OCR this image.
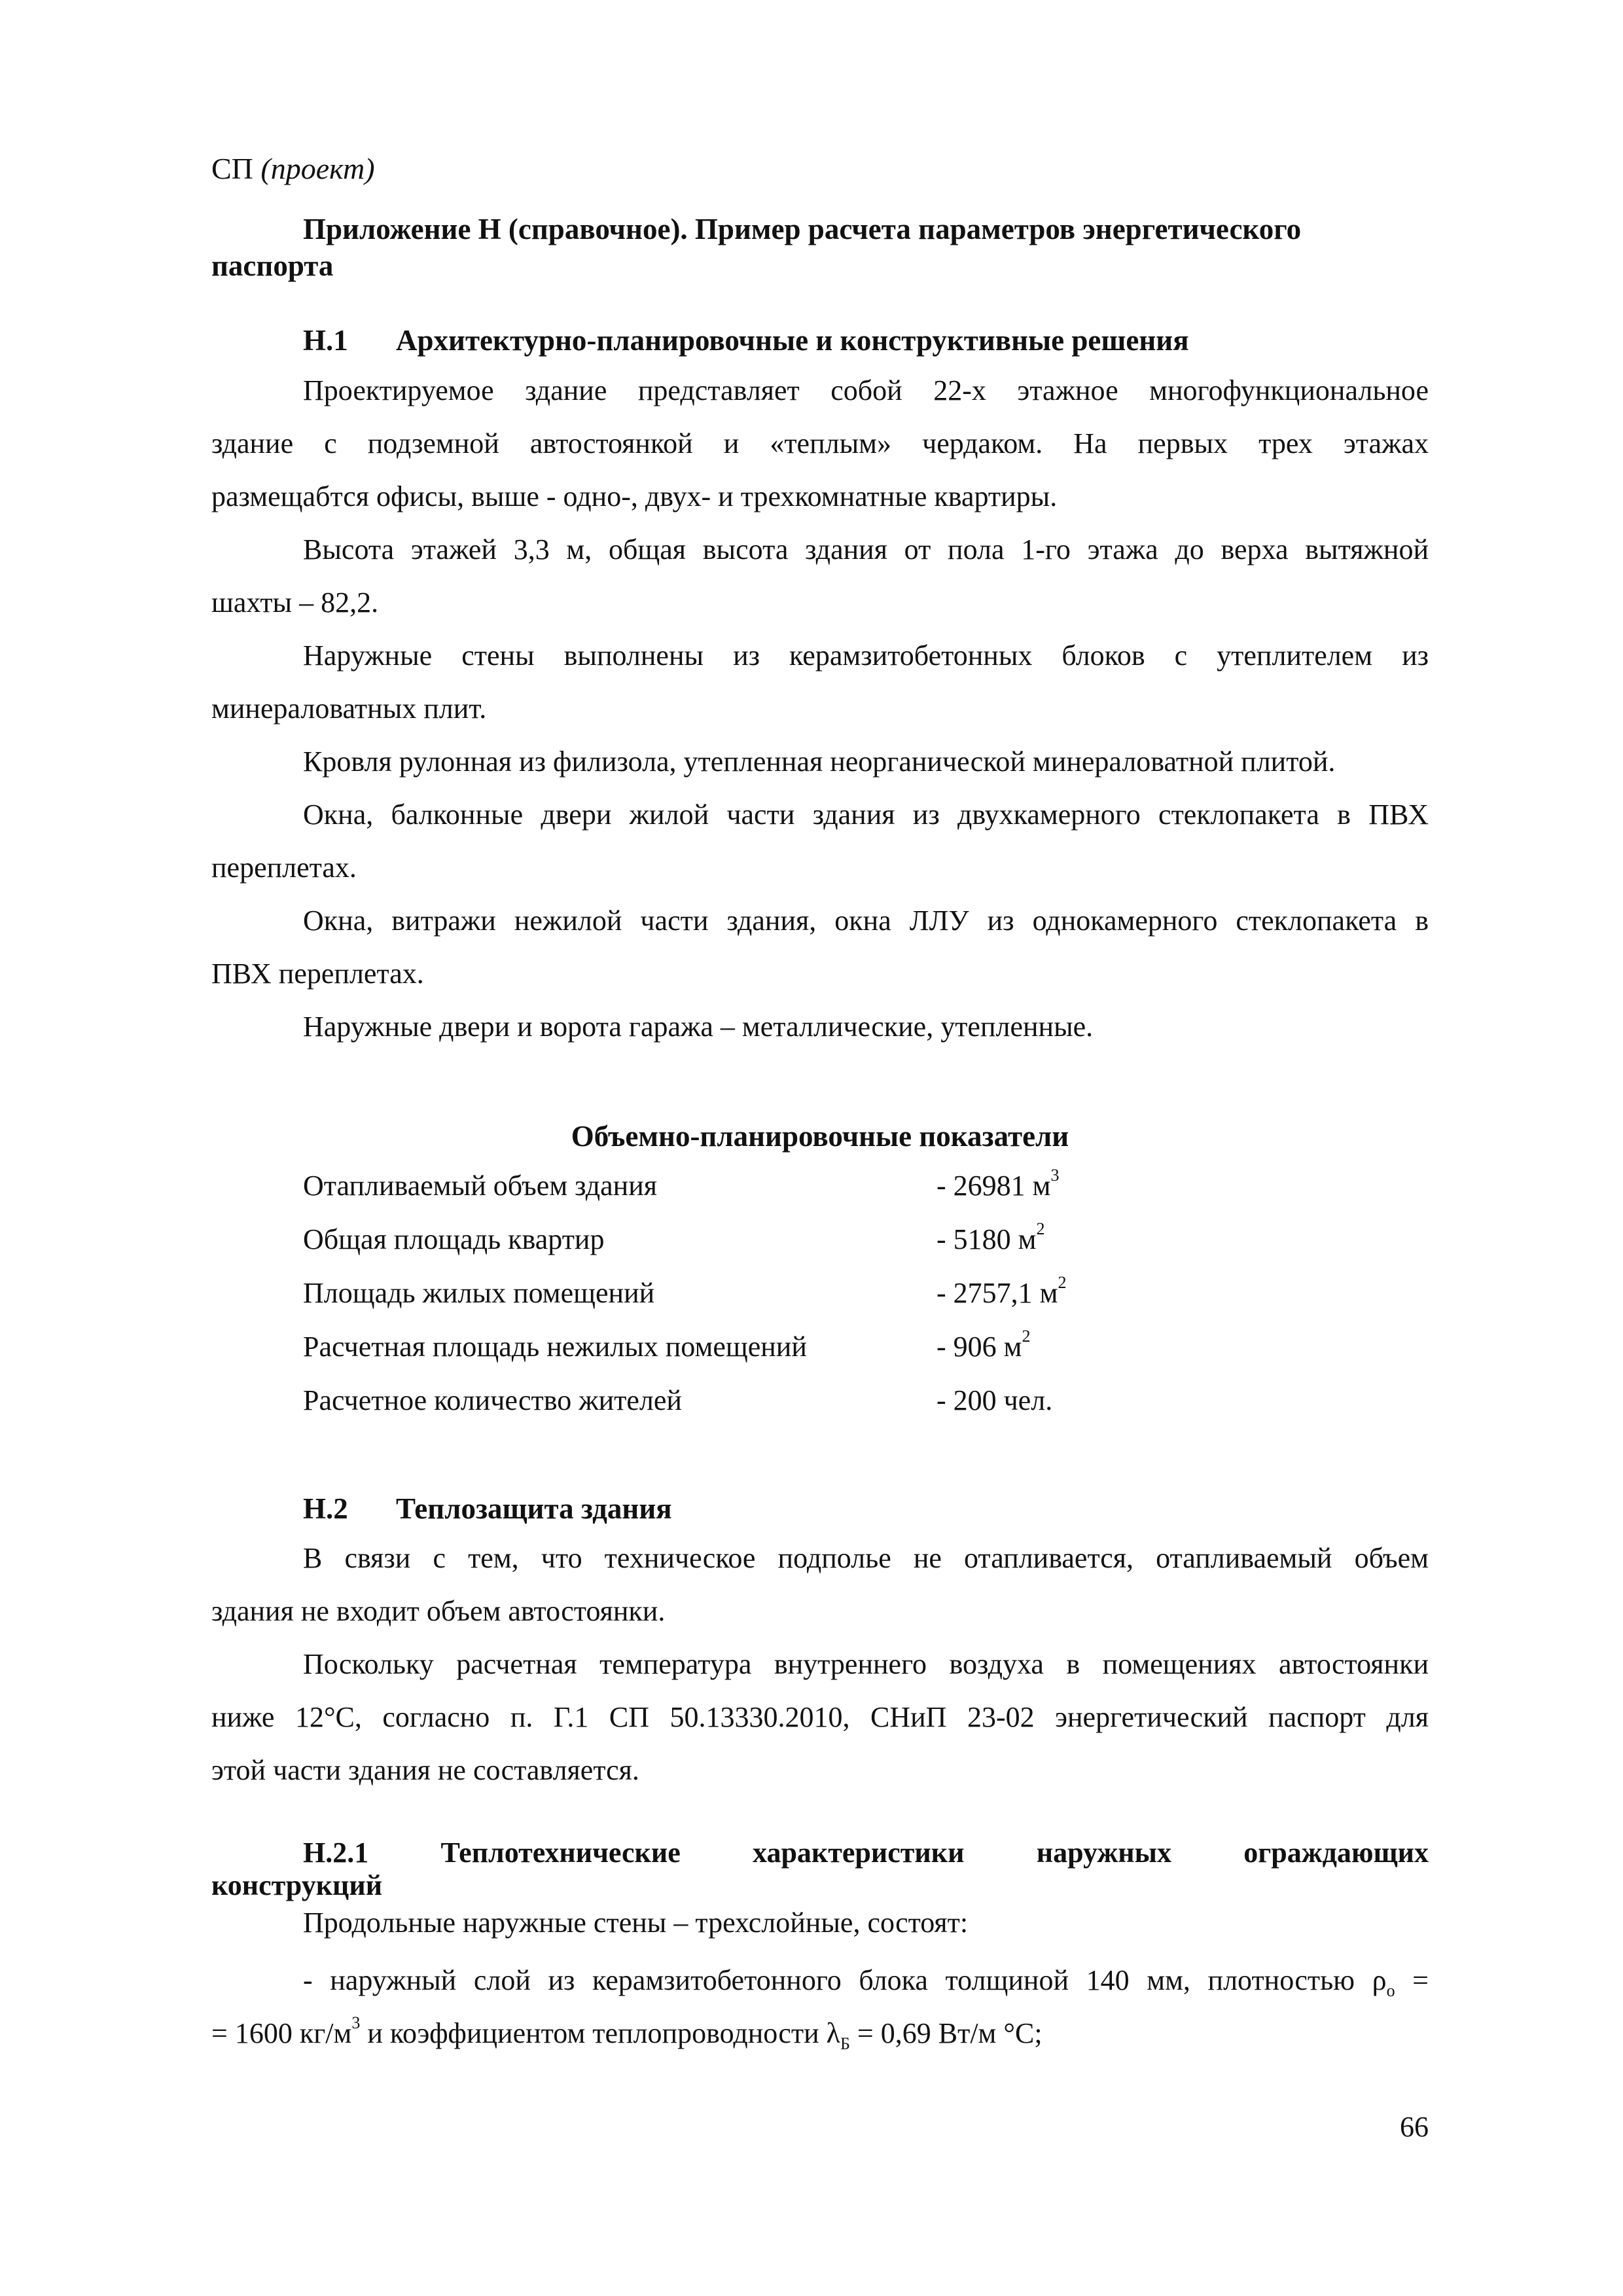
СП (проект)
Приложение Н (справочное). Пример расчета параметров энергетического паспорта
Н.1 Архитектурно-планировочные и конструктивные решения
Проектируемое здание представляет собой 22-х этажное многофункциональное
здание с подземной автостоянкой и «теплым» чердаком. На первых трех этажах
размещабтся офисы, выше - одно-, двух- и трехкомнатные квартиры.
Высота этажей 3,3 м, общая высота здания от пола 1-го этажа до верха вытяжной
шахты – 82,2.
Наружные стены выполнены из керамзитобетонных блоков с утеплителем из
минераловатных плит.
Кровля рулонная из филизола, утепленная неорганической минераловатной плитой.
Окна, балконные двери жилой части здания из двухкамерного стеклопакета в ПВХ
переплетах.
Окна, витражи нежилой части здания, окна ЛЛУ из однокамерного стеклопакета в
ПВХ переплетах.
Наружные двери и ворота гаража – металлические, утепленные.
Объемно-планировочные показатели
Отапливаемый объем здания	- 26981 $м^3$
Общая площадь квартир	- 5180 $м^2$
Площадь жилых помещений	- 2757,1 $м^2$
Расчетная площадь нежилых помещений	- 906 $м^2$
Расчетное количество жителей	- 200 чел.
Н.2 Теплозащита здания
В связи с тем, что техническое подполье не отапливается, отапливаемый объем
здания не входит объем автостоянки.
Поскольку расчетная температура внутреннего воздуха в помещениях автостоянки
ниже 12°С, согласно п. Г.1 СП 50.13330.2010, СНиП 23-02 энергетический паспорт для
этой части здания не составляется.
Н.2.1 Теплотехнические характеристики наружных ограждающих
конструкций
Продольные наружные стены – трехслойные, состоят:
- наружный слой из керамзитобетонного блока толщиной 140 мм, плотностью $\rho_o$ =
= 1600 $кг/м^3$ и коэффициентом теплопроводности $\lambda_Б = 0,69$ Вт/м °С;
66
